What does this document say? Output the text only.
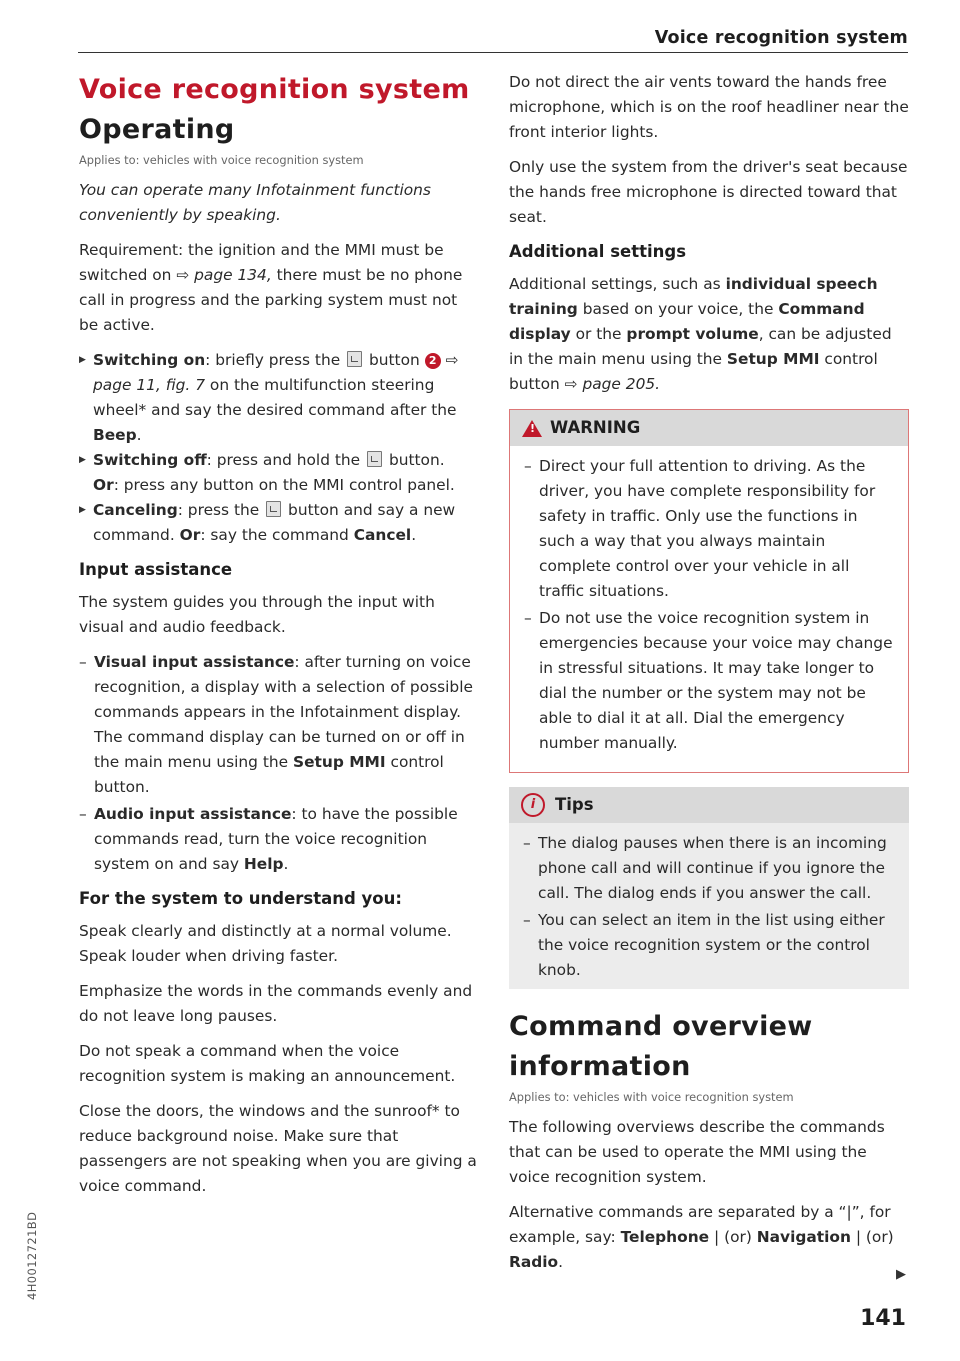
Voice recognition system
Voice recognition system
Operating
Applies to: vehicles with voice recognition system

You can operate many Infotainment functions conveniently by speaking.

Requirement: the ignition and the MMI must be switched on ⇨ page 134, there must be no phone call in progress and the parking system must not be active.

▶ Switching on: briefly press the button 2 ⇨ page 11, fig. 7 on the multifunction steering wheel* and say the desired command after the Beep.
▶ Switching off: press and hold the button.
Or: press any button on the MMI control panel.
▶ Canceling: press the button and say a new command. Or: say the command Cancel.
Input assistance

The system guides you through the input with visual and audio feedback.

– Visual input assistance: after turning on voice recognition, a display with a selection of possible commands appears in the Infotainment display. The command display can be turned on or off in the main menu using the Setup MMI control button.
– Audio input assistance: to have the possible commands read, turn the voice recognition system on and say Help.
For the system to understand you:

Speak clearly and distinctly at a normal volume. Speak louder when driving faster.

Emphasize the words in the commands evenly and do not leave long pauses.

Do not speak a command when the voice recognition system is making an announcement.

Close the doors, the windows and the sunroof* to reduce background noise. Make sure that passengers are not speaking when you are giving a voice command.

Do not direct the air vents toward the hands free microphone, which is on the roof headliner near the front interior lights.

Only use the system from the driver's seat because the hands free microphone is directed toward that seat.

Additional settings

Additional settings, such as individual speech training based on your voice, the Command display or the prompt volume, can be adjusted in the main menu using the Setup MMI control button ⇨ page 205.

!
WARNING
– Direct your full attention to driving. As the driver, you have complete responsibility for safety in traffic. Only use the functions in such a way that you always maintain complete control over your vehicle in all traffic situations.
– Do not use the voice recognition system in emergencies because your voice may change in stressful situations. It may take longer to dial the number or the system may not be able to dial it at all. Dial the emergency number manually.
i	Tips
– The dialog pauses when there is an incoming phone call and will continue if you ignore the call. The dialog ends if you answer the call.
– You can select an item in the list using either the voice recognition system or the control knob.
Command overview information
Applies to: vehicles with voice recognition system

The following overviews describe the commands that can be used to operate the MMI using the voice recognition system.

Alternative commands are separated by a “|”, for example, say: Telephone | (or) Navigation | (or) Radio.

▶
141
4H0012721BD
